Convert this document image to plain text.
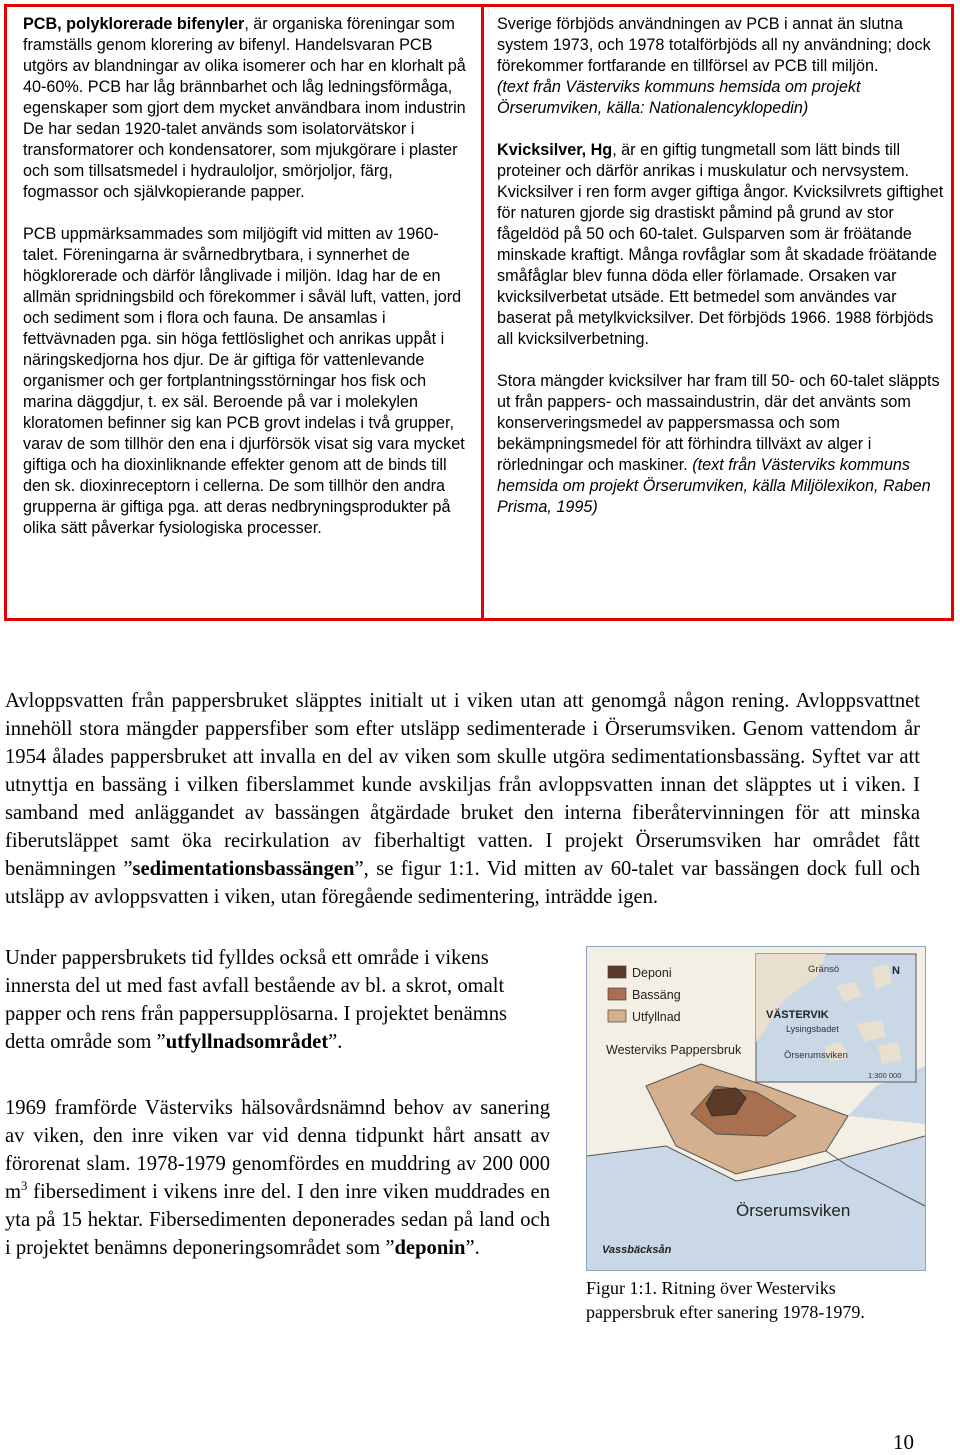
PCB, polyklorerade bifenyler, är organiska föreningar som framställs genom klorering av bifenyl. Handelsvaran PCB utgörs av blandningar av olika isomerer och har en klorhalt på 40-60%. PCB har låg brännbarhet och låg ledningsförmåga, egenskaper som gjort dem mycket användbara inom industrin De har sedan 1920-talet används som isolatorvätskor i transformatorer och kondensatorer, som mjukgörare i plaster och som tillsatsmedel i hydrauloljor, smörjoljor, färg, fogmassor och självkopierande papper.

PCB uppmärksammades som miljögift vid mitten av 1960-talet. Föreningarna är svårnedbrytbara, i synnerhet de högklorerade och därför långlivade i miljön. Idag har de en allmän spridningsbild och förekommer i såväl luft, vatten, jord och sediment som i flora och fauna. De ansamlas i fettvävnaden pga. sin höga fettlöslighet och anrikas uppåt i näringskedjorna hos djur. De är giftiga för vattenlevande organismer och ger fortplantningsstörningar hos fisk och marina däggdjur, t. ex säl. Beroende på var i molekylen kloratomen befinner sig kan PCB grovt indelas i två grupper, varav de som tillhör den ena i djurförsök visat sig vara mycket giftiga och ha dioxinliknande effekter genom att de binds till den sk. dioxinreceptorn i cellerna. De som tillhör den andra grupperna är giftiga pga. att deras nedbryningsprodukter på olika sätt påverkar fysiologiska processer.

Sverige förbjöds användningen av PCB i annat än slutna system 1973, och 1978 totalförbjöds all ny användning; dock förekommer fortfarande en tillförsel av PCB till miljön.
(text från Västerviks kommuns hemsida om projekt Örserumviken, källa: Nationalencyklopedin)

Kvicksilver, Hg, är en giftig tungmetall som lätt binds till proteiner och därför anrikas i muskulatur och nervsystem. Kvicksilver i ren form avger giftiga ångor. Kvicksilvrets giftighet för naturen gjorde sig drastiskt påmind på grund av stor fågeldöd på 50 och 60-talet. Gulsparven som är fröätande minskade kraftigt. Många rovfåglar som åt skadade fröätande småfåglar blev funna döda eller förlamade. Orsaken var kvicksilverbetat utsäde. Ett betmedel som användes var baserat på metylkvicksilver. Det förbjöds 1966. 1988 förbjöds all kvicksilverbetning.

Stora mängder kvicksilver har fram till 50- och 60-talet släppts ut från pappers- och massaindustrin, där det använts som konserveringsmedel av pappersmassa och som bekämpningsmedel för att förhindra tillväxt av alger i rörledningar och maskiner. (text från Västerviks kommuns hemsida om projekt Örserumviken, källa Miljölexikon, Raben Prisma, 1995)

Avloppsvatten från pappersbruket släpptes initialt ut i viken utan att genomgå någon rening. Avloppsvattnet innehöll stora mängder pappersfiber som efter utsläpp sedimenterade i Örserumsviken. Genom vattendom år 1954 ålades pappersbruket att invalla en del av viken som skulle utgöra sedimentationsbassäng. Syftet var att utnyttja en bassäng i vilken fiberslammet kunde avskiljas från avloppsvatten innan det släpptes ut i viken. I samband med anläggandet av bassängen åtgärdade bruket den interna fiberåtervinningen för att minska fiberutsläppet samt öka recirkulation av fiberhaltigt vatten. I projekt Örserumsviken har området fått benämningen ”sedimentationsbassängen”, se figur 1:1. Vid mitten av 60-talet var bassängen dock full och utsläpp av avloppsvatten i viken, utan föregående sedimentering, inträdde igen.

Under pappersbrukets tid fylldes också ett område i vikens innersta del ut med fast avfall bestående av bl. a skrot, omalt papper och rens från pappersupplösarna. I projektet benämns detta område som ”utfyllnadsområdet”.

1969 framförde Västerviks hälsovårdsnämnd behov av sanering av viken, den inre viken var vid denna tidpunkt hårt ansatt av förorenat slam. 1978-1979 genomfördes en muddring av 200 000 $m^3$ fibersediment i vikens inre del. I den inre viken muddrades en yta på 15 hektar. Fibersedimenten deponerades sedan på land och i projektet benämns deponeringsområdet som ”deponin”.

Deponi
Bassäng
Utfyllnad
Westerviks Pappersbruk
Örserumsviken
Vassbäcksån
Gränsö	N
VÄSTERVIK
Lysingsbadet
Örserumsviken
1:300 000

Figur 1:1. Ritning över Westerviks pappersbruk efter sanering 1978-1979.

10
